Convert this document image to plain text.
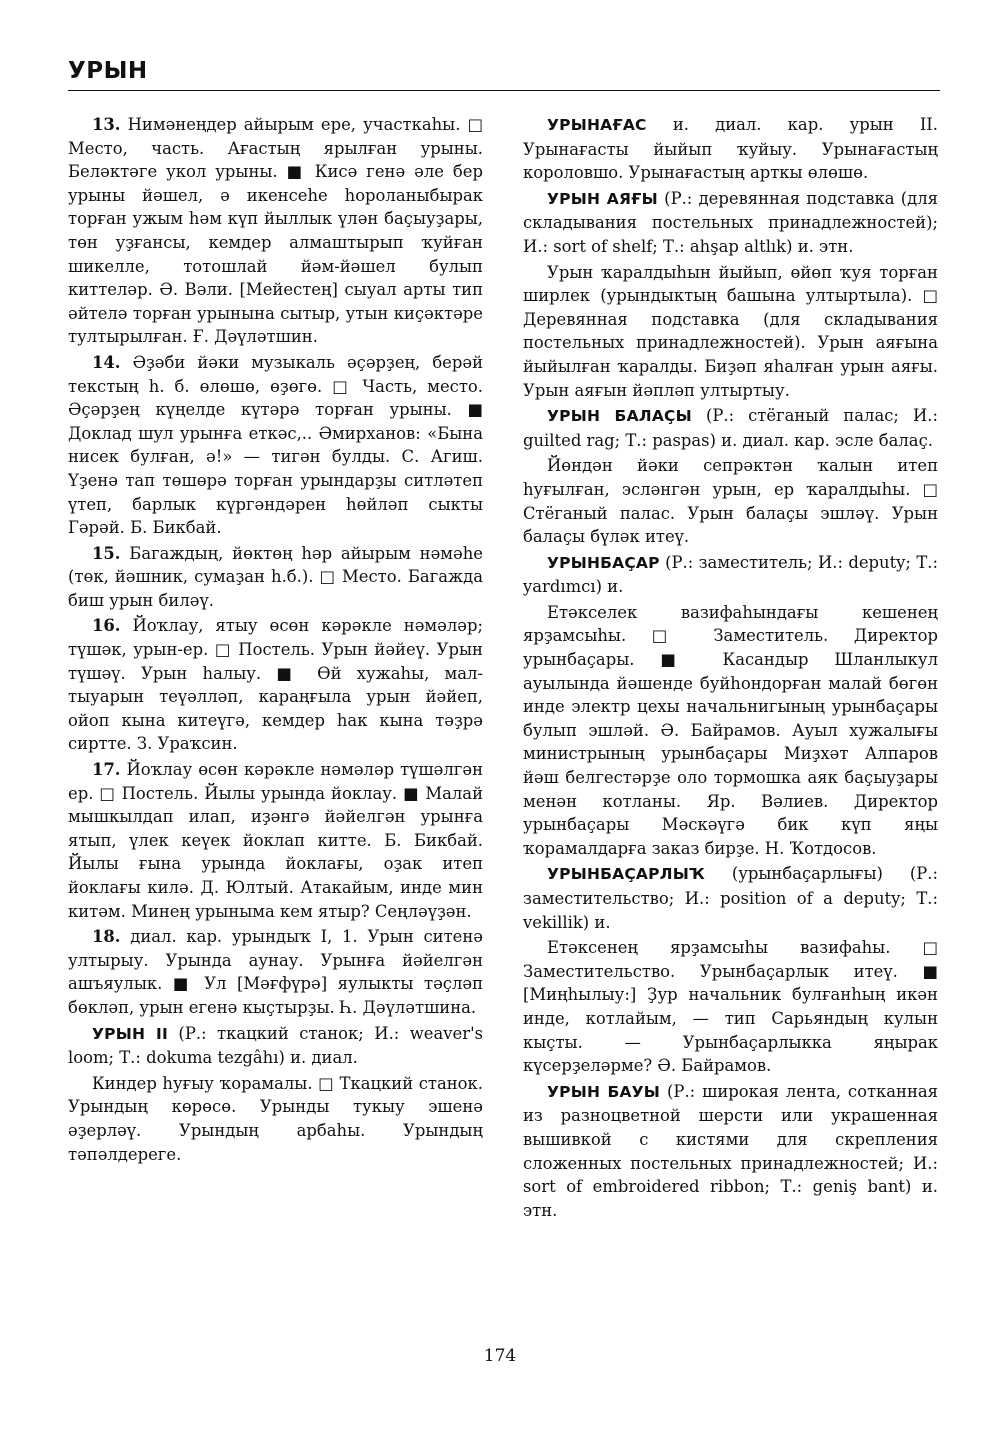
УРЫН

13. Нимәнеңдер айырым ере, участкаһы. □ Место, часть. Ағастың ярылған урыны. Беләктәге укол урыны. ■ Кисә генә әле бер урыны йәшел, ә икенсеһе һороланыбырак торған ужым һәм күп йыллык үлән баҫыуҙары, төн уҙғансы, кемдер алмаштырып ҡуйған шикелле, тотошлай йәм-йәшел булып киттеләр. Ә. Вәли. [Мейестең] сыуал арты тип әйтелә торған урынына сытыр, утын киҫәктәре тултырылған. Ғ. Дәүләтшин.

14. Әҙәби йәки музыкаль әҫәрҙең, берәй текстың һ. б. өлөшө, өҙөгө. □ Часть, место. Әҫәрҙең күңелде күтәрә торған урыны. ■ Доклад шул урынға еткәс,.. Әмирханов: «Бына нисек булған, ә!» — тигән булды. С. Агиш. Үҙенә тап төшөрә торған урындарҙы ситләтеп үтеп, барлык күргәндәрен һөйләп сыкты Гәрәй. Б. Бикбай.

15. Багаждың, йөктөң һәр айырым нәмәһе (төк, йәшник, сумаҙан һ.б.). □ Место. Багажда биш урын биләү.

16. Йоҡлау, ятыу өсөн кәрәкле нәмәләр; түшәк, урын-ер. □ Постель. Урын йәйеү. Урын түшәү. Урын һалыу. ■ Өй хужаһы, мал-тыуарын теүәлләп, караңғыла урын йәйеп, ойоп кына китеүгә, кемдер һак кына тәҙрә сиртте. З. Ураҡсин.

17. Йоҡлау өсөн кәрәкле нәмәләр түшәлгән ер. □ Постель. Йылы урында йоклау. ■ Малай мышкылдап илап, иҙәнгә йәйелгән урынға ятып, үлек кеүек йоклап китте. Б. Бикбай. Йылы ғына урында йоклағы, оҙак итеп йоклағы килә. Д. Юлтый. Атакайым, инде мин китәм. Минең урыныма кем ятыр? Сеңләүҙән.

18. диал. кар. урындыҡ I, 1. Урын ситенә ултырыу. Урында аунау. Урынға йәйелгән ашъяулык. ■ Ул [Мәғфүрә] яулыкты тәҫләп бөкләп, урын егенә кыҫтырҙы. Һ. Дәүләтшина.

УРЫН II (Р.: ткацкий станок; И.: weaver's loom; Т.: dokuma tezgâhı) и. диал.

Киндер һуғыу ҡорамалы. □ Ткацкий станок. Урындың көрөсө. Урынды тукыу эшенә әҙерләү. Урындың арбаһы. Урындың тәпәлдереге.

УРЫНАҒАС и. диал. кар. урын II. Урынағасты йыйып ҡуйыу. Урынағастың короловшо. Урынағастың арткы өлөшө.

УРЫН АЯҒЫ (Р.: деревянная подставка (для складывания постельных принадлежностей); И.: sort of shelf; Т.: ahşap altlık) и. этн.

Урын ҡаралдыһын йыйып, өйөп ҡуя торған ширлек (урындыктың башына ултыртыла). □ Деревянная подставка (для складывания постельных принадлежностей). Урын аяғына йыйылған ҡаралды. Биҙәп яһалған урын аяғы. Урын аяғын йәпләп ултыртыу.

УРЫН БАЛАҪЫ (Р.: стёганый палас; И.: guilted rag; Т.: paspas) и. диал. кар. эсле балаҫ.

Йөндән йәки сепрәктән ҡалын итеп һуғылған, эсләнгән урын, ер ҡаралдыһы. □ Стёганый палас. Урын балаҫы эшләү. Урын балаҫы бүләк итеү.

УРЫНБАҪАР (Р.: заместитель; И.: deputy; Т.: yardımcı) и.

Етәкселек вазифаһындағы кешенең ярҙамсыһы. □ Заместитель. Директор урынбаҫары. ■ Касандыр Шланлыкул ауылында йәшенде буйһондорған малай бөгөн инде электр цехы начальнигының урынбаҫары булып эшләй. Ә. Байрамов. Ауыл хужалығы министрының урынбаҫары Миҙхәт Алпаров йәш белгестәрҙе оло тормошка аяк баҫыуҙары менән котланы. Яр. Вәлиев. Директор урынбаҫары Мәскәүгә бик күп яңы ҡорамалдарға заказ бирҙе. Н. Ҡотдосов.

УРЫНБАҪАРЛЫҠ (урынбаҫарлығы) (Р.: заместительство; И.: position of a deputy; Т.: vekillik) и.

Етәксенең ярҙамсыһы вазифаһы. □ Заместительство. Урынбаҫарлык итеү. ■ [Миңһылыу:] Ҙур начальник булғанһың икән инде, котлайым, — тип Сарьяндың кулын кыҫты. — Урынбаҫарлыкка яңырак күсерҙеләрме? Ә. Байрамов.

УРЫН БАУЫ (Р.: широкая лента, сотканная из разноцветной шерсти или украшенная вышивкой с кистями для скрепления сложенных постельных принадлежностей; И.: sort of embroidered ribbon; Т.: geniş bant) и. этн.

174
